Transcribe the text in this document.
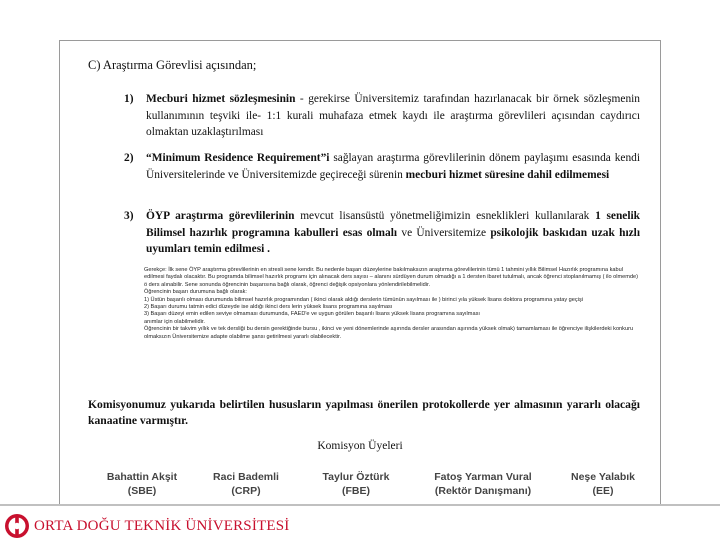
C) Araştırma Görevlisi açısından;
1) Mecburi hizmet sözleşmesinin - gerekirse Üniversitemiz tarafından hazırlanacak bir örnek sözleşmenin kullanımının teşviki ile- 1:1 kurali muhafaza etmek kaydı ile araştırma görevlileri açısından caydırıcı olmaktan uzaklaştırılması
2) “Minimum Residence Requirement”i sağlayan araştırma görevlilerinin dönem paylaşımı esasında kendi Üniversitelerinde ve Üniversitemizde geçireceği sürenin mecburi hizmet süresine dahil edilmemesi
3) ÖYP araştırma görevlilerinin mevcut lisansüstü yönetmeliğimizin esneklikleri kullanılarak 1 senelik Bilimsel hazırlık programına kabulleri esas olmalı ve Üniversitemize psikolojik baskıdan uzak hızlı uyumları temin edilmesi .

Gerekçe: İlk sene ÖYP araştırma görevlilerinin en stresli sene kendir. Bu nedenle başarı düzeylerine bakılmaksızın araştırma görevlilerinin tümü 1 tahmini yıllık Bilimsel Hazırlık programına kabul edilmesi faydalı olacaktır. Bu programda bilimsel hazırlık programı için alınacak ders sayısı – alanını sürdüyen durum olmadığı a 1 dersten ibaret tutulmalı, ancak öğrenci stoplanılmamış ( ilo olmemde) ö ders alınabilir. Sene sonunda öğrencinin başarısına bağlı olarak, öğrenci değişik opsiyonlara yönlendirilebilmelidir.

Öğrencinin başarı durumuna bağlı olarak:

1) Üstün başarılı olması durumunda bilimsel hazırlık programından ( ikinci olarak aldığı derslerin tümünün sayılması ile ) birinci yıla yüksek lisans doktora programına yatay geçişi

2) Başarı durumu tatmin edici düzeyde ise aldığı ikinci ders lerin yüksek lisans programına sayılması

3) Başarı düzeyi emin edilen seviye olmaması durumunda, FAED'e ve uygun görülen başarılı lisans yüksek lisans programına sayılması

anımlar için olabilmelidir.

Öğrencinin bir takvim yıllık ve tek dersliği bu dersin gerektiğinde bursu , ikinci ve yeni dönemlerinde aşırında dersler arasından aşırında yüksek olmak) tamamlaması ile öğrenciye ilişkilerdeki konkuru olmaksızın Üniversitemize adapte olabilme şansı getirilmesi yararlı olabilecektir.

Komisyonumuz yukarıda belirtilen hususların yapılması önerilen protokollerde yer almasının yararlı olacağı kanaatine varmıştır.
Komisyon Üyeleri
Bahattin Akşit
(SBE)
Raci Bademli
(CRP)
Taylur Öztürk
(FBE)
Fatoş Yarman Vural
(Rektör Danışmanı)
Neşe Yalabık
(EE)
ORTA DOĞU TEKNİK ÜNİVERSİTESİ
